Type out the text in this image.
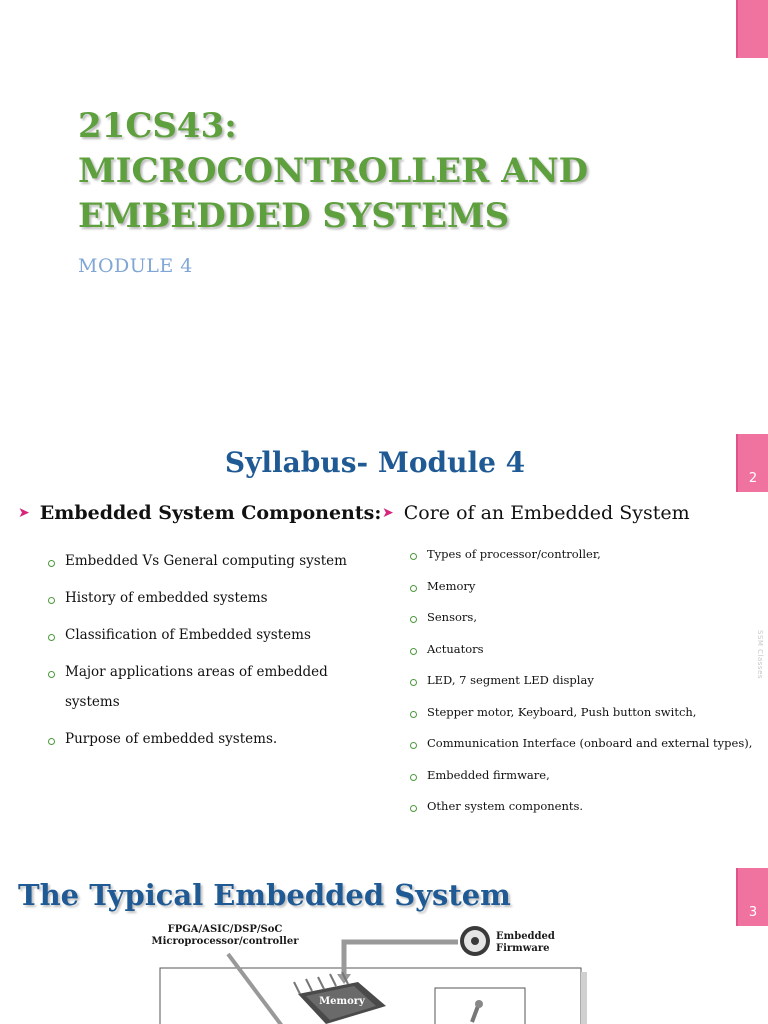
21CS43:
MICROCONTROLLER AND
EMBEDDED SYSTEMS
MODULE 4
2
Syllabus- Module 4
➤ Embedded System Components:
Embedded Vs General computing system
History of embedded systems
Classification of Embedded systems
Major applications areas of embedded systems
Purpose of embedded systems.
➤ Core of an Embedded System
Types of processor/controller,
Memory
Sensors,
Actuators
LED, 7 segment LED display
Stepper motor, Keyboard, Push button switch,
Communication Interface (onboard and external types),
Embedded firmware,
Other system components.
SSM Classes
3
The Typical Embedded System
FPGA/ASIC/DSP/SoC
Microprocessor/controller	Embedded
Firmware
Memory
